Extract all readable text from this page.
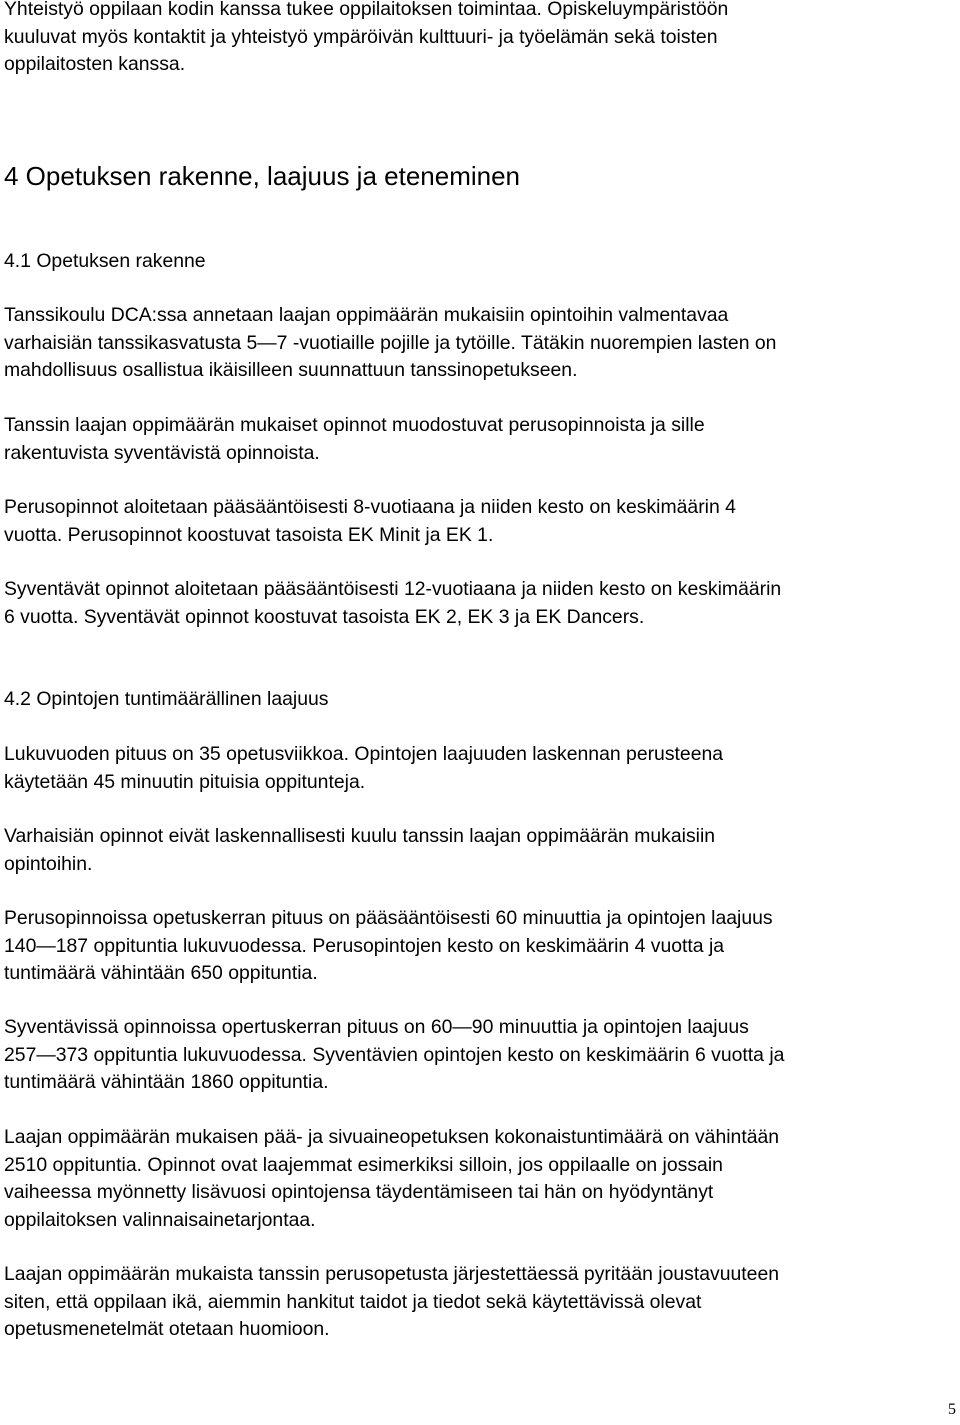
Yhteistyö oppilaan kodin kanssa tukee oppilaitoksen toimintaa. Opiskeluympäristöön
kuuluvat myös kontaktit ja yhteistyö ympäröivän kulttuuri- ja työelämän sekä toisten
oppilaitosten kanssa.

4 Opetuksen rakenne, laajuus ja eteneminen
4.1 Opetuksen rakenne

Tanssikoulu DCA:ssa annetaan laajan oppimäärän mukaisiin opintoihin valmentavaa
varhaisiän tanssikasvatusta 5—7 -vuotiaille pojille ja tytöille. Tätäkin nuorempien lasten on
mahdollisuus osallistua ikäisilleen suunnattuun tanssinopetukseen.

Tanssin laajan oppimäärän mukaiset opinnot muodostuvat perusopinnoista ja sille
rakentuvista syventävistä opinnoista.

Perusopinnot aloitetaan pääsääntöisesti 8-vuotiaana ja niiden kesto on keskimäärin 4
vuotta. Perusopinnot koostuvat tasoista EK Minit ja EK 1.

Syventävät opinnot aloitetaan pääsääntöisesti 12-vuotiaana ja niiden kesto on keskimäärin
6 vuotta. Syventävät opinnot koostuvat tasoista EK 2, EK 3 ja EK Dancers.

4.2 Opintojen tuntimäärällinen laajuus

Lukuvuoden pituus on 35 opetusviikkoa. Opintojen laajuuden laskennan perusteena
käytetään 45 minuutin pituisia oppitunteja.

Varhaisiän opinnot eivät laskennallisesti kuulu tanssin laajan oppimäärän mukaisiin
opintoihin.

Perusopinnoissa opetuskerran pituus on pääsääntöisesti 60 minuuttia ja opintojen laajuus
140—187 oppituntia lukuvuodessa. Perusopintojen kesto on keskimäärin 4 vuotta ja
tuntimäärä vähintään 650 oppituntia.

Syventävissä opinnoissa opertuskerran pituus on 60—90 minuuttia ja opintojen laajuus
257—373 oppituntia lukuvuodessa. Syventävien opintojen kesto on keskimäärin 6 vuotta ja
tuntimäärä vähintään 1860 oppituntia.

Laajan oppimäärän mukaisen pää- ja sivuaineopetuksen kokonaistuntimäärä on vähintään
2510 oppituntia. Opinnot ovat laajemmat esimerkiksi silloin, jos oppilaalle on jossain
vaiheessa myönnetty lisävuosi opintojensa täydentämiseen tai hän on hyödyntänyt
oppilaitoksen valinnaisainetarjontaa.

Laajan oppimäärän mukaista tanssin perusopetusta järjestettäessä pyritään joustavuuteen
siten, että oppilaan ikä, aiemmin hankitut taidot ja tiedot sekä käytettävissä olevat
opetusmenetelmät otetaan huomioon.

5
